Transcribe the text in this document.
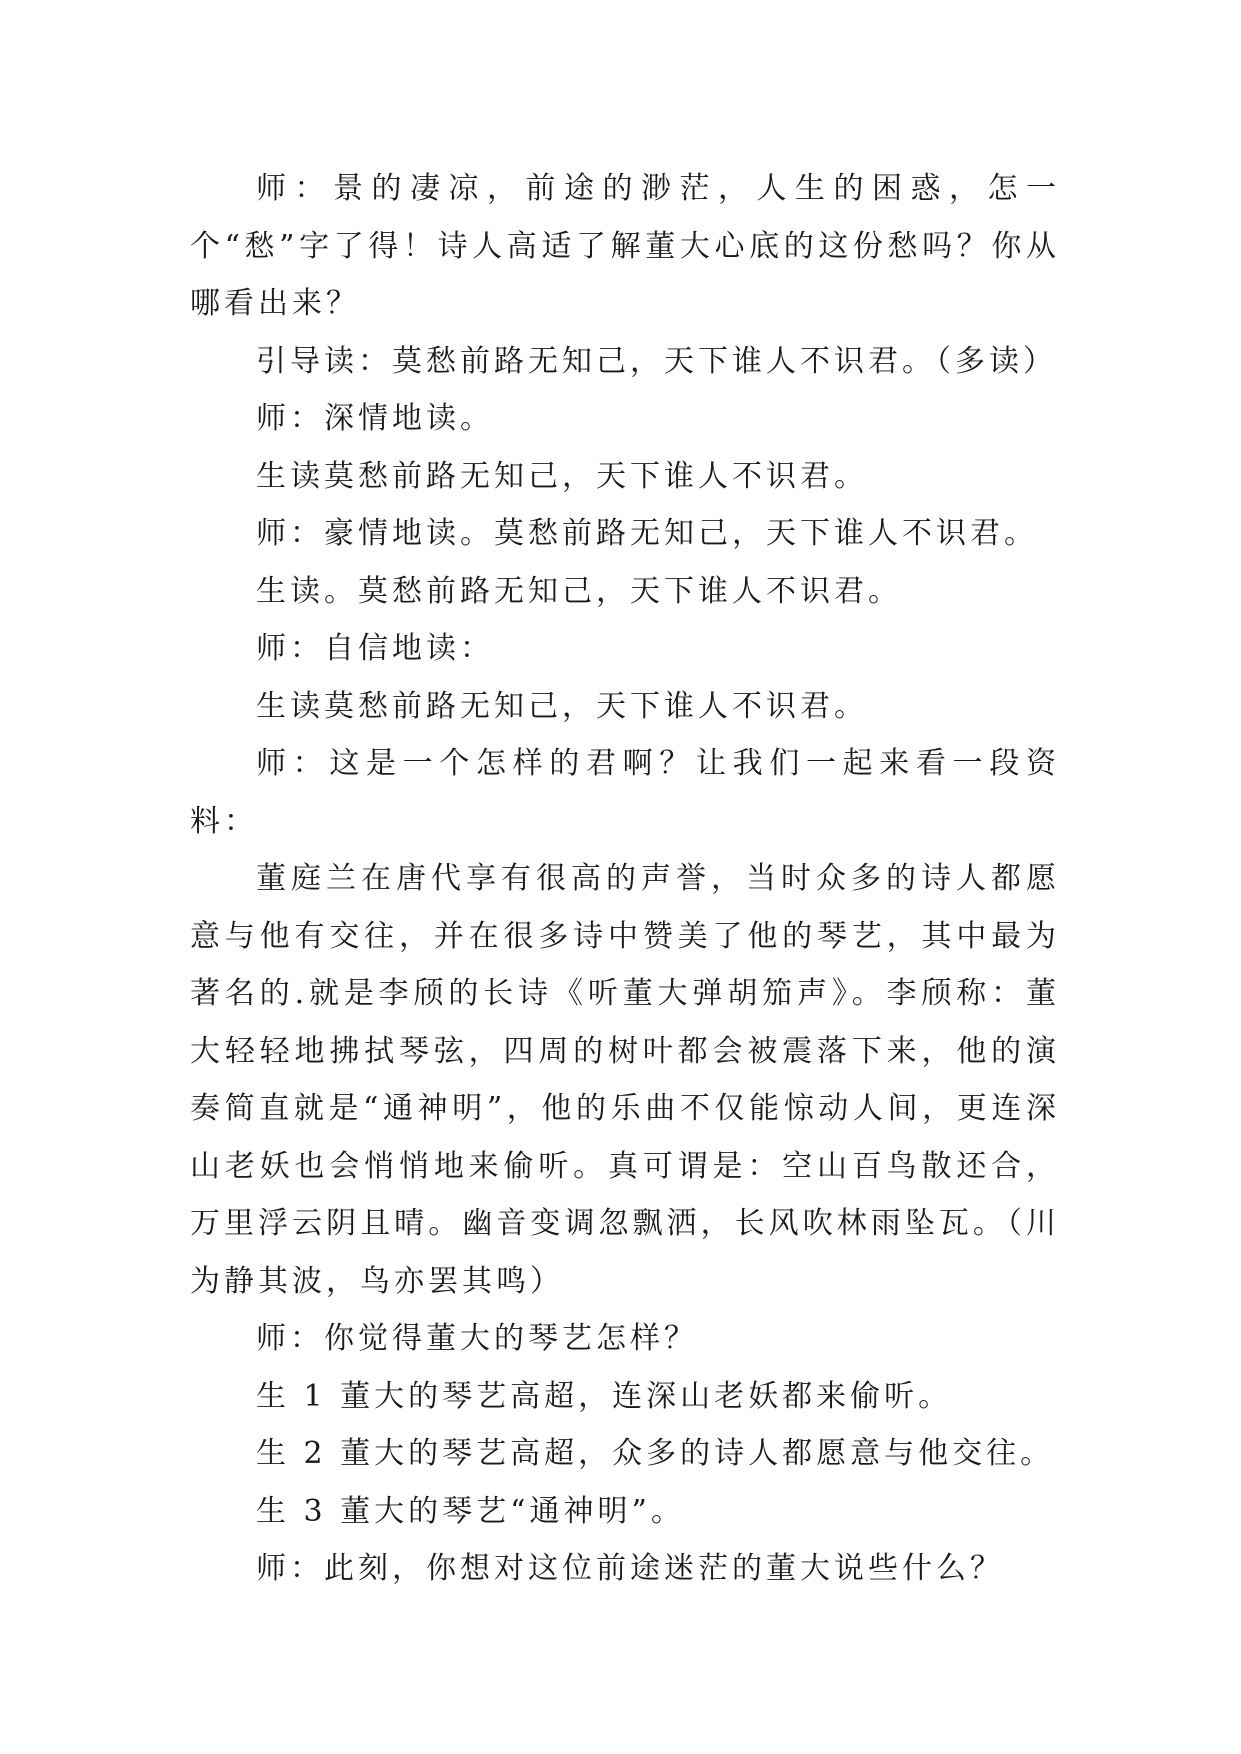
师：景的凄凉，前途的渺茫，人生的困惑，怎一个“愁”字了得！诗人高适了解董大心底的这份愁吗？你从哪看出来？

引导读：莫愁前路无知己，天下谁人不识君。（多读）

师：深情地读。

生读莫愁前路无知己，天下谁人不识君。

师：豪情地读。莫愁前路无知己，天下谁人不识君。

生读。莫愁前路无知己，天下谁人不识君。

师：自信地读：

生读莫愁前路无知己，天下谁人不识君。

师：这是一个怎样的君啊？让我们一起来看一段资料：

董庭兰在唐代享有很高的声誉，当时众多的诗人都愿意与他有交往，并在很多诗中赞美了他的琴艺，其中最为著名的.就是李颀的长诗《听董大弹胡笳声》。李颀称：董大轻轻地拂拭琴弦，四周的树叶都会被震落下来，他的演奏简直就是“通神明”，他的乐曲不仅能惊动人间，更连深山老妖也会悄悄地来偷听。真可谓是：空山百鸟散还合，万里浮云阴且晴。幽音变调忽飘洒，长风吹林雨坠瓦。（川为静其波，鸟亦罢其鸣）

师：你觉得董大的琴艺怎样？

生 1 董大的琴艺高超，连深山老妖都来偷听。

生 2 董大的琴艺高超，众多的诗人都愿意与他交往。

生 3 董大的琴艺“通神明”。

师：此刻，你想对这位前途迷茫的董大说些什么？
